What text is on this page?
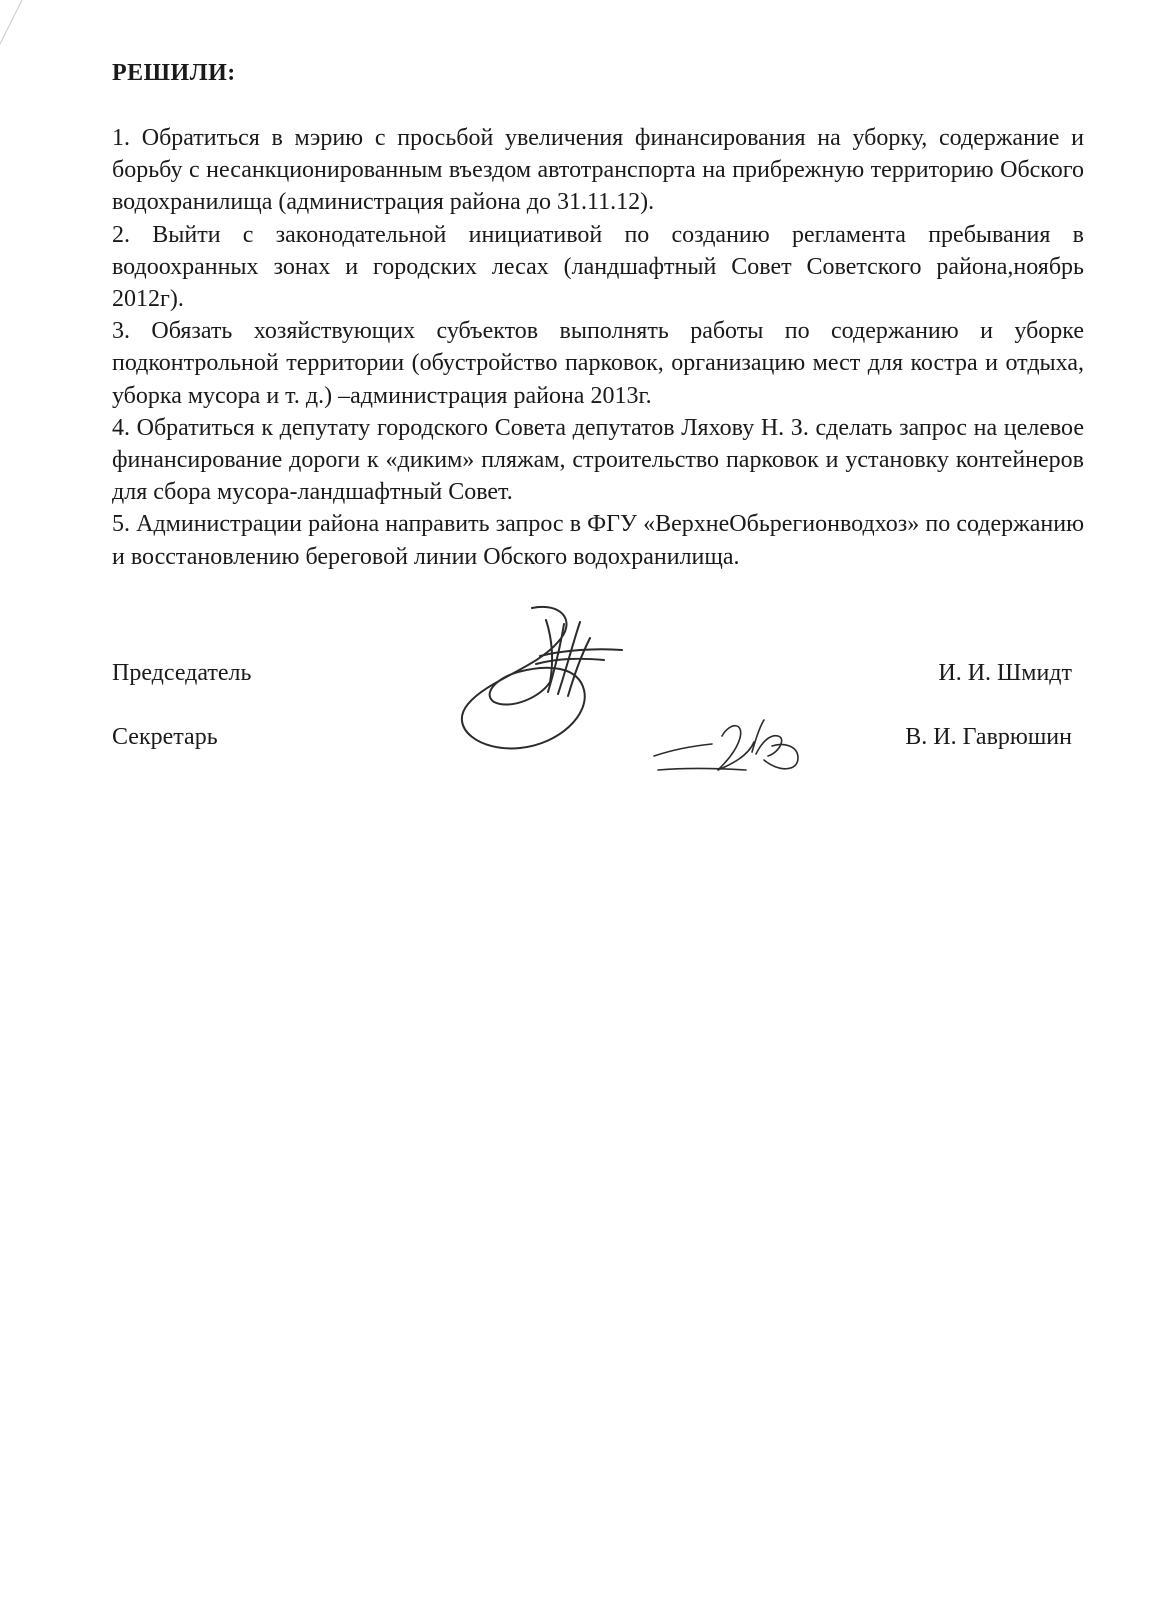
РЕШИЛИ:

1. Обратиться в мэрию с просьбой увеличения финансирования на уборку, содержание и борьбу с несанкционированным въездом автотранспорта на прибрежную территорию Обского водохранилища (администрация района до 31.11.12).

2. Выйти с законодательной инициативой по созданию регламента пребывания в водоохранных зонах и городских лесах (ландшафтный Совет Советского района,ноябрь 2012г).

3. Обязать хозяйствующих субъектов выполнять работы по содержанию и уборке подконтрольной территории (обустройство парковок, организацию мест для костра и отдыха, уборка мусора и т. д.) –администрация района 2013г.

4. Обратиться к депутату городского Совета депутатов Ляхову Н. З. сделать запрос на целевое финансирование дороги к «диким» пляжам, строительство парковок и установку контейнеров для сбора мусора-ландшафтный Совет.

5. Администрации района направить запрос в ФГУ «ВерхнеОбьрегионводхоз» по содержанию и восстановлению береговой линии Обского водохранилища.

Председатель	И. И. Шмидт
Секретарь	В. И. Гаврюшин
